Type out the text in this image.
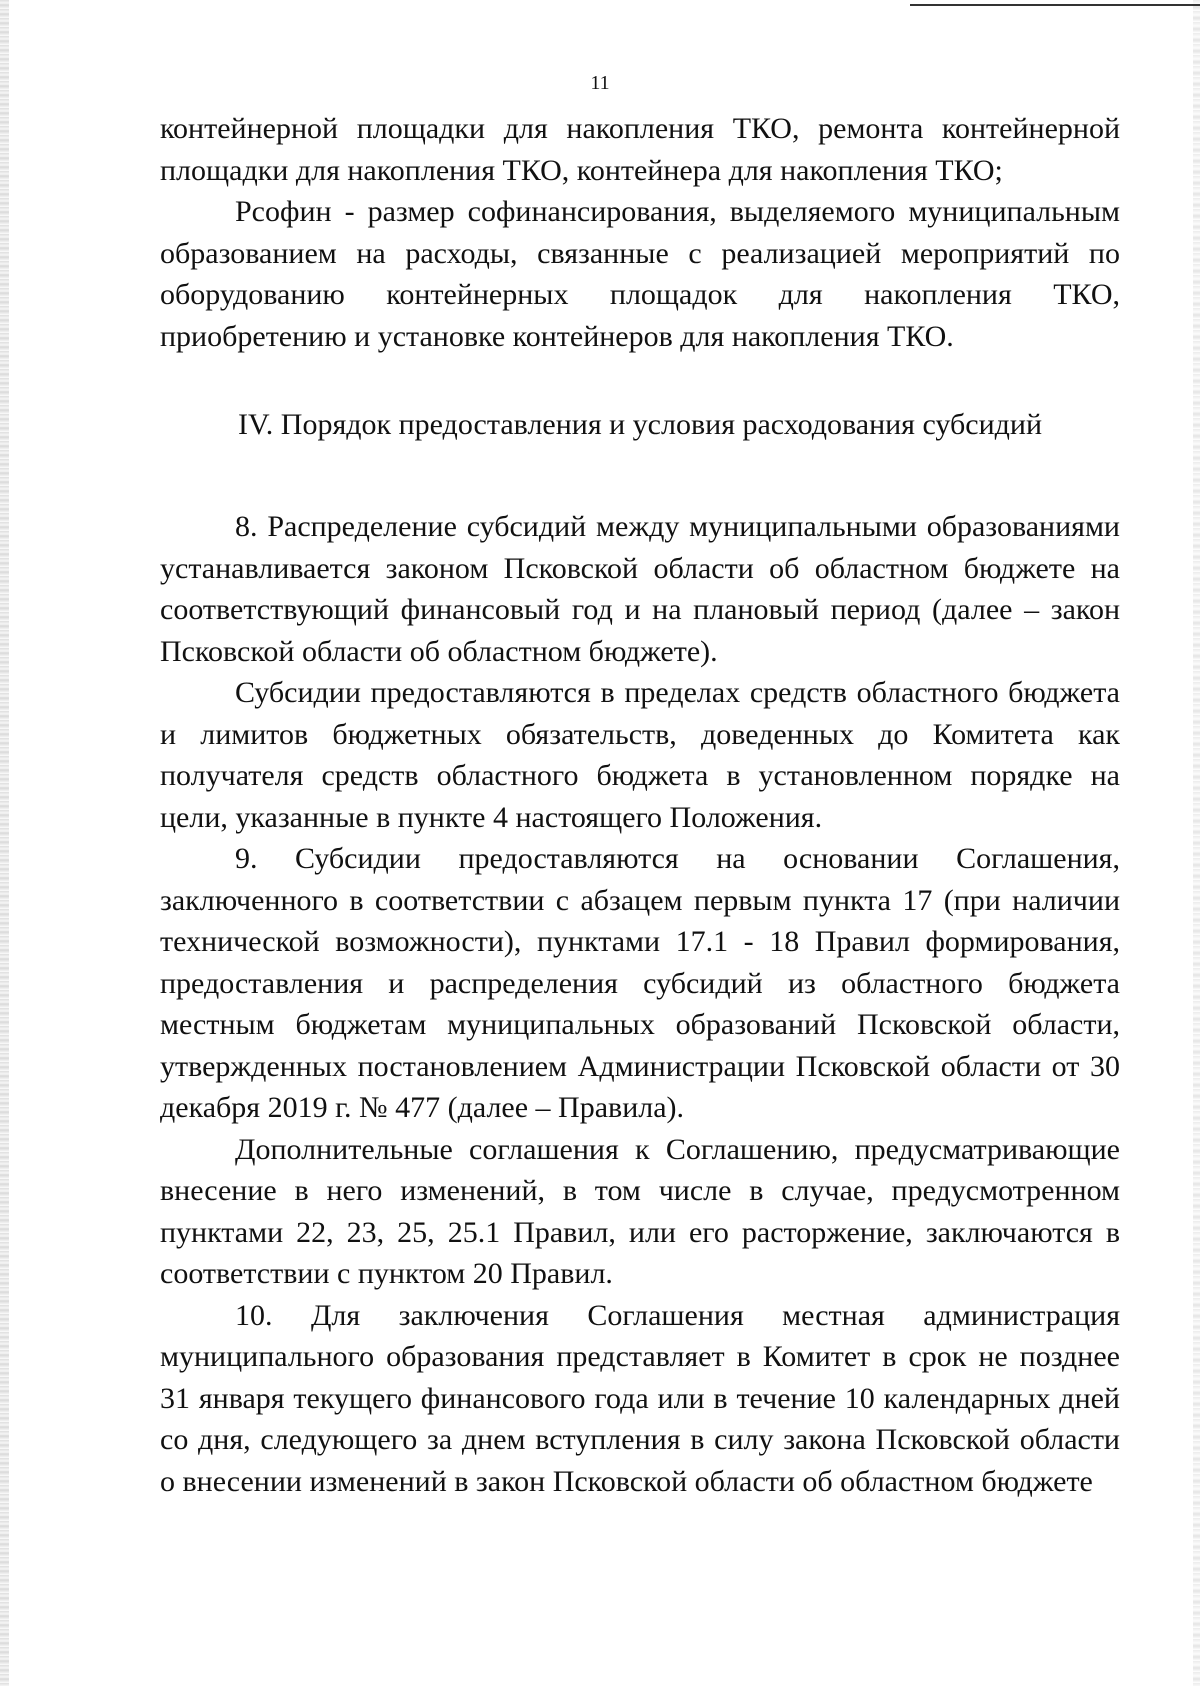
11

контейнерной площадки для накопления ТКО, ремонта контейнерной площадки для накопления ТКО, контейнера для накопления ТКО;

Рсофин - размер софинансирования, выделяемого муниципальным образованием на расходы, связанные с реализацией мероприятий по оборудованию контейнерных площадок для накопления ТКО, приобретению и установке контейнеров для накопления ТКО.

IV. Порядок предоставления и условия расходования субсидий

8. Распределение субсидий между муниципальными образованиями устанавливается законом Псковской области об областном бюджете на соответствующий финансовый год и на плановый период (далее – закон Псковской области об областном бюджете).

Субсидии предоставляются в пределах средств областного бюджета и лимитов бюджетных обязательств, доведенных до Комитета как получателя средств областного бюджета в установленном порядке на цели, указанные в пункте 4 настоящего Положения.

9. Субсидии предоставляются на основании Соглашения, заключенного в соответствии с абзацем первым пункта 17 (при наличии технической возможности), пунктами 17.1 - 18 Правил формирования, предоставления и распределения субсидий из областного бюджета местным бюджетам муниципальных образований Псковской области, утвержденных постановлением Администрации Псковской области от 30 декабря 2019 г. № 477 (далее – Правила).

Дополнительные соглашения к Соглашению, предусматривающие внесение в него изменений, в том числе в случае, предусмотренном пунктами 22, 23, 25, 25.1 Правил, или его расторжение, заключаются в соответствии с пунктом 20 Правил.

10. Для заключения Соглашения местная администрация муниципального образования представляет в Комитет в срок не позднее 31 января текущего финансового года или в течение 10 календарных дней со дня, следующего за днем вступления в силу закона Псковской области о внесении изменений в закон Псковской области об областном бюджете
